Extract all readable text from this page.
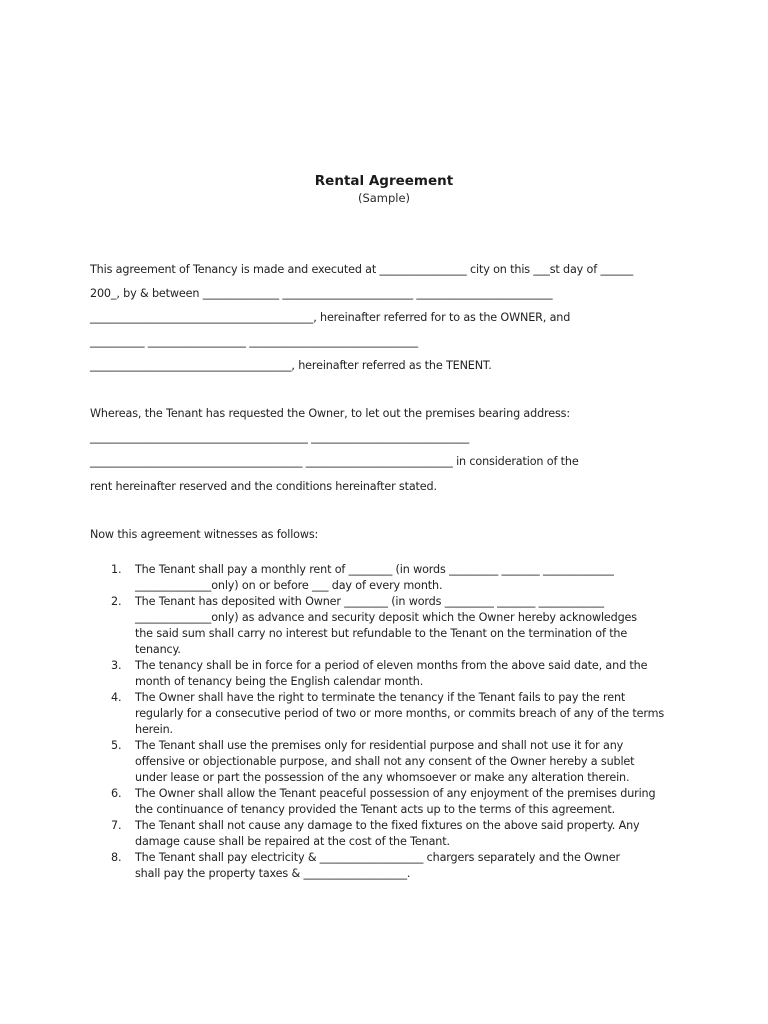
Rental Agreement
(Sample)
This agreement of Tenancy is made and executed at ________________ city on this ___st day of ______
200_, by & between ______________ ________________________ _________________________
_________________________________________, hereinafter referred for to as the OWNER, and
__________ __________________ _______________________________
_____________________________________, hereinafter referred as the TENENT.
Whereas, the Tenant has requested the Owner, to let out the premises bearing address:
________________________________________ _____________________________
_______________________________________ ___________________________ in consideration of the
rent hereinafter reserved and the conditions hereinafter stated.
Now this agreement witnesses as follows:
1. The Tenant shall pay a monthly rent of ________ (in words _________ _______ _____________
______________only) on or before ___ day of every month.
2. The Tenant has deposited with Owner ________ (in words _________ _______ ____________
______________only) as advance and security deposit which the Owner hereby acknowledges
the said sum shall carry no interest but refundable to the Tenant on the termination of the
tenancy.
3. The tenancy shall be in force for a period of eleven months from the above said date, and the
month of tenancy being the English calendar month.
4. The Owner shall have the right to terminate the tenancy if the Tenant fails to pay the rent
regularly for a consecutive period of two or more months, or commits breach of any of the terms
herein.
5. The Tenant shall use the premises only for residential purpose and shall not use it for any
offensive or objectionable purpose, and shall not any consent of the Owner hereby a sublet
under lease or part the possession of the any whomsoever or make any alteration therein.
6. The Owner shall allow the Tenant peaceful possession of any enjoyment of the premises during
the continuance of tenancy provided the Tenant acts up to the terms of this agreement.
7. The Tenant shall not cause any damage to the fixed fixtures on the above said property. Any
damage cause shall be repaired at the cost of the Tenant.
8. The Tenant shall pay electricity & ___________________ chargers separately and the Owner
shall pay the property taxes & ___________________.
